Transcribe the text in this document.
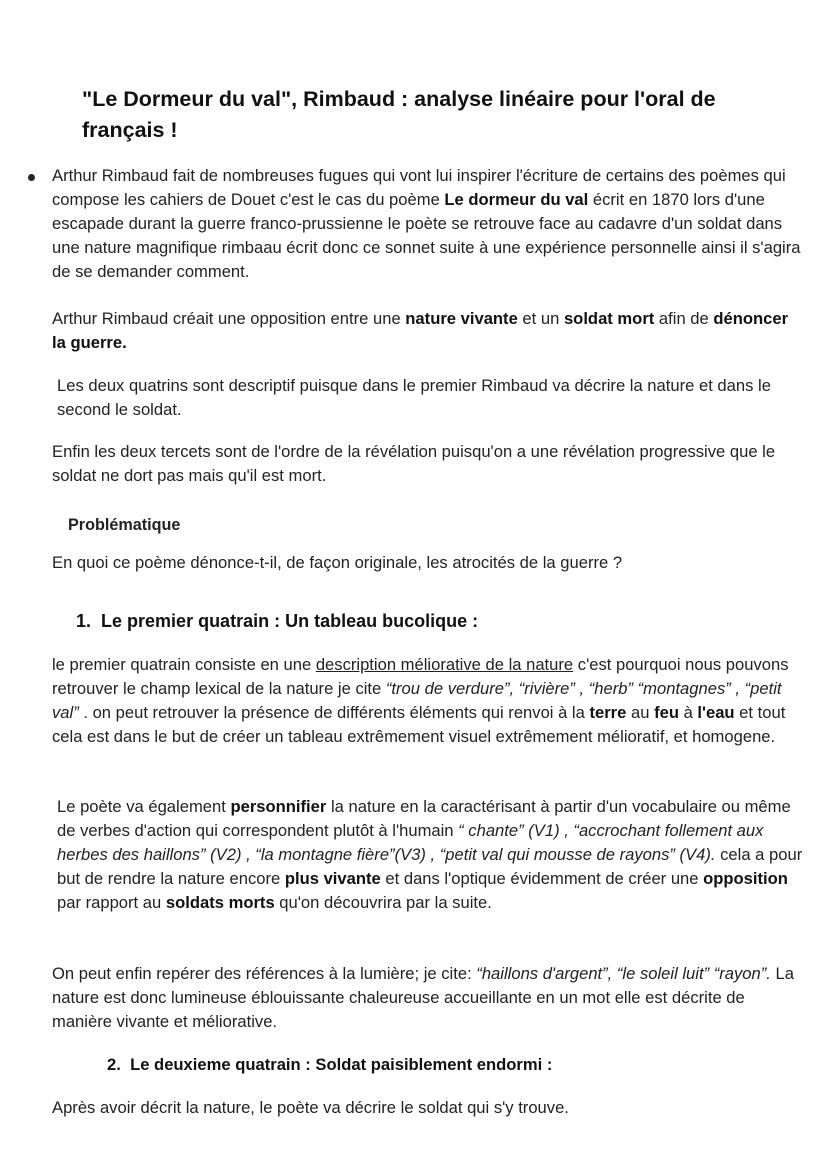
"Le Dormeur du val", Rimbaud : analyse linéaire pour l'oral de français !
Arthur Rimbaud fait de nombreuses fugues qui vont lui inspirer l'écriture de certains des poèmes qui compose les cahiers de Douet c'est le cas du poème Le dormeur du val écrit en 1870 lors d'une escapade durant la guerre franco-prussienne le poète se retrouve face au cadavre d'un soldat dans une nature magnifique rimbaau écrit donc ce sonnet suite à une expérience personnelle ainsi il s'agira de se demander comment.
Arthur Rimbaud créait une opposition entre une nature vivante et un soldat mort afin de dénoncer la guerre.
Les deux quatrins sont descriptif puisque dans le premier Rimbaud va décrire la nature et dans le second le soldat.
Enfin les deux tercets sont de l'ordre de la révélation puisqu'on a une révélation progressive que le soldat ne dort pas mais qu'il est mort.
Problématique
En quoi ce poème dénonce-t-il, de façon originale, les atrocités de la guerre ?
1. Le premier quatrain : Un tableau bucolique :
le premier quatrain consiste en une description méliorative de la nature c'est pourquoi nous pouvons retrouver le champ lexical de la nature je cite “trou de verdure”, “rivière” , “herb” “montagnes” , “petit val” . on peut retrouver la présence de différents éléments qui renvoi à la terre au feu à l'eau et tout cela est dans le but de créer un tableau extrêmement visuel extrêmement mélioratif, et homogene.
Le poète va également personnifier la nature en la caractérisant à partir d'un vocabulaire ou même de verbes d'action qui correspondent plutôt à l'humain “ chante” (V1) , “accrochant follement aux herbes des haillons” (V2) , “la montagne fière”(V3) , “petit val qui mousse de rayons” (V4). cela a pour but de rendre la nature encore plus vivante et dans l'optique évidemment de créer une opposition par rapport au soldats morts qu'on découvrira par la suite.
On peut enfin repérer des références à la lumière; je cite: “haillons d'argent”, “le soleil luit” “rayon”. La nature est donc lumineuse éblouissante chaleureuse accueillante en un mot elle est décrite de manière vivante et méliorative.
2. Le deuxieme quatrain : Soldat paisiblement endormi :
Après avoir décrit la nature, le poète va décrire le soldat qui s'y trouve.
